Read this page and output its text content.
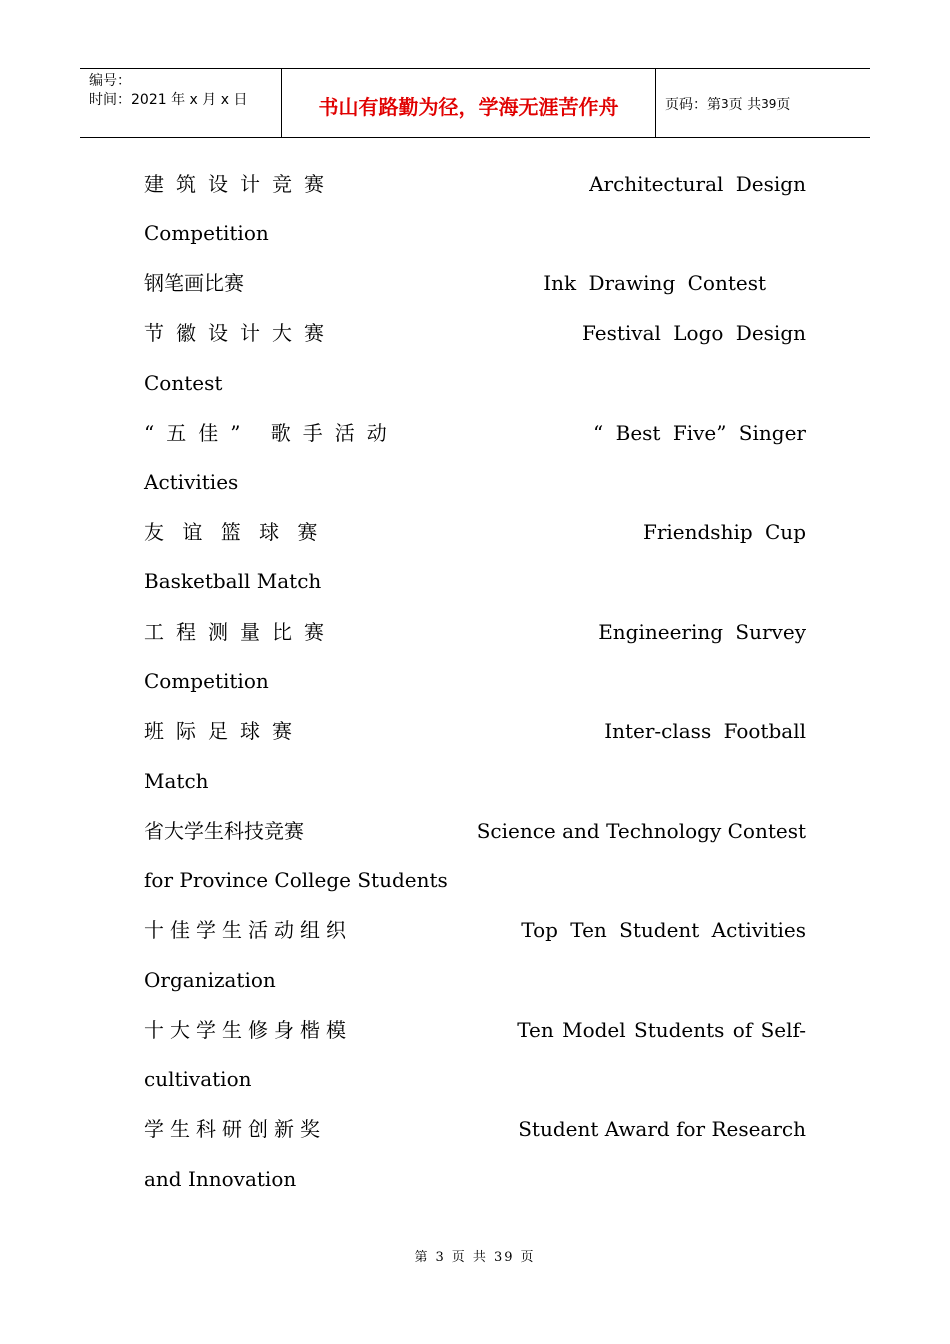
编号：
时间：2021 年 x 月 x 日	书山有路勤为径，学海无涯苦作舟	页码：第 3 页 共 39 页
建筑设计竞赛	Architectural Design
Competition
钢笔画比赛	Ink Drawing Contest
节徽设计大赛	Festival Logo Design
Contest
“五佳” 歌手活动	“ Best Five” Singer
Activities
友 谊 篮 球 赛	Friendship Cup
Basketball Match
工程测量比赛	Engineering Survey
Competition
班际足球赛	Inter-class Football
Match
省大学生科技竞赛	Science and Technology Contest
for Province College Students
十佳学生活动组织	Top Ten Student Activities
Organization
十大学生修身楷模	Ten Model Students of Self-
cultivation
学生科研创新奖	Student Award for Research
and Innovation
第 3 页 共 39 页
